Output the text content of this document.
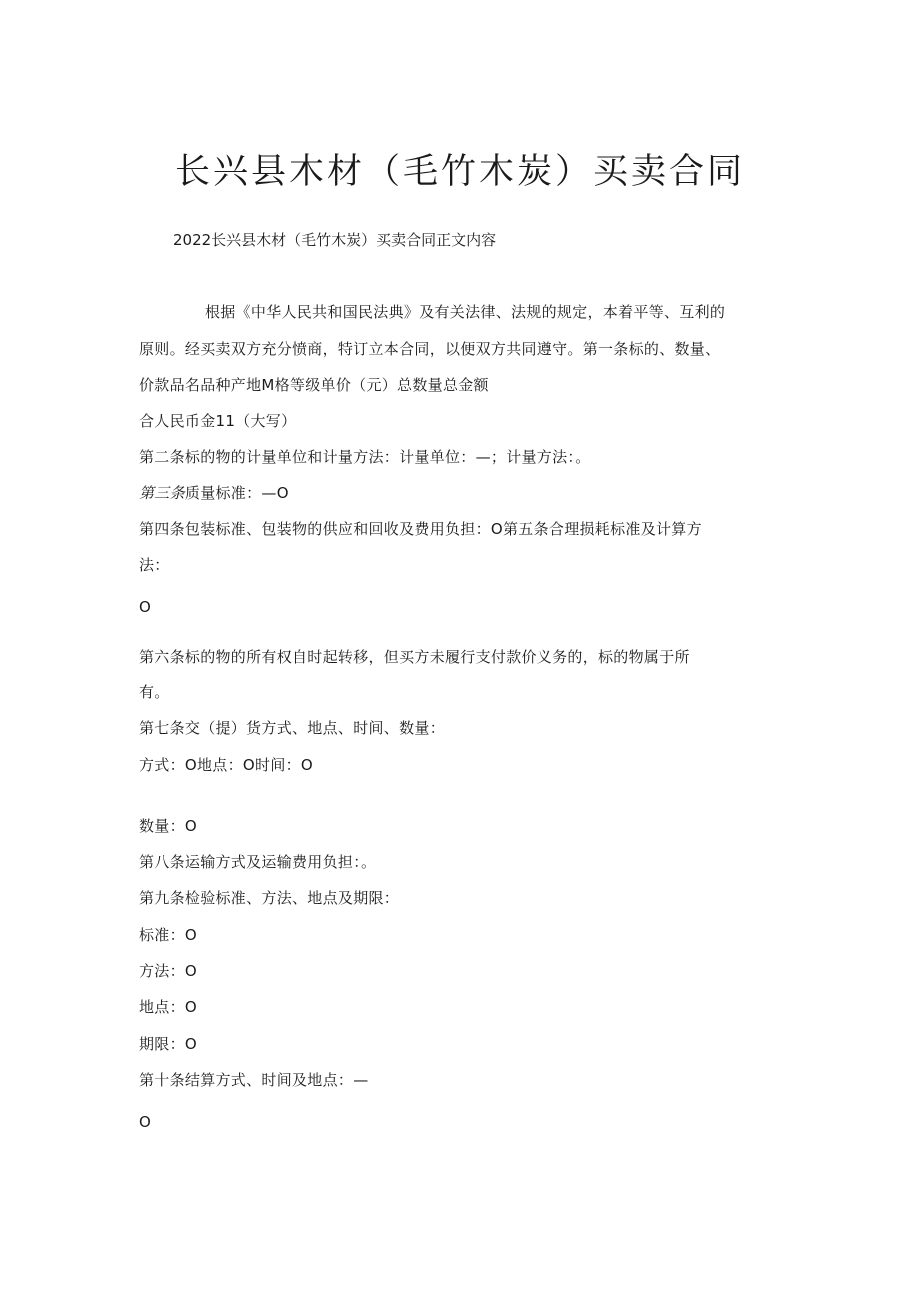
长兴县木材（毛竹木炭）买卖合同
2022长兴县木材（毛竹木炭）买卖合同正文内容
根据《中华人民共和国民法典》及有关法律、法规的规定，本着平等、互利的
原则。经买卖双方充分愤商，特订立本合同，以便双方共同遵守。第一条标的、数量、
价款品名品种产地M格等级单价（元）总数量总金额
合人民币金11（大写）
第二条标的物的计量单位和计量方法：计量单位：—；计量方法：。
第三条质量标准：—O
第四条包装标准、包装物的供应和回收及费用负担：O第五条合理损耗标准及计算方
法：
O
第六条标的物的所有权自时起转移，但买方未履行支付款价义务的，标的物属于所
有。
第七条交（提）货方式、地点、时间、数量：
方式：O地点：O时间：O
数量：O
第八条运输方式及运输费用负担：。
第九条检验标准、方法、地点及期限：
标准：O
方法：O
地点：O
期限：O
第十条结算方式、时间及地点：—
O
